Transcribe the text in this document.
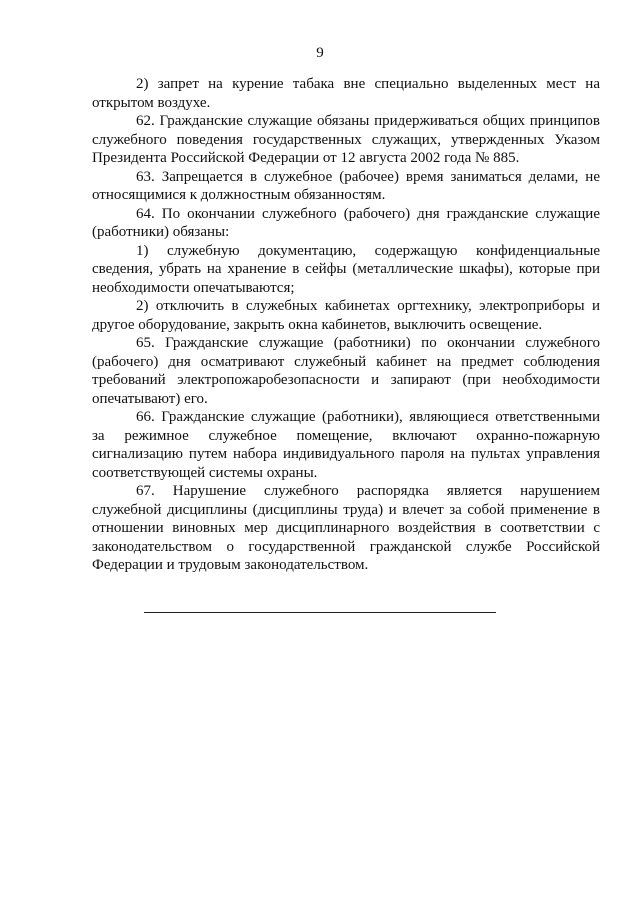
9

2) запрет на курение табака вне специально выделенных мест на открытом воздухе.

62. Гражданские служащие обязаны придерживаться общих принципов служебного поведения государственных служащих, утвержденных Указом Президента Российской Федерации от 12 августа 2002 года № 885.

63. Запрещается в служебное (рабочее) время заниматься делами, не относящимися к должностным обязанностям.

64. По окончании служебного (рабочего) дня гражданские служащие (работники) обязаны:

1) служебную документацию, содержащую конфиденциальные сведения, убрать на хранение в сейфы (металлические шкафы), которые при необходимости опечатываются;

2) отключить в служебных кабинетах оргтехнику, электроприборы и другое оборудование, закрыть окна кабинетов, выключить освещение.

65. Гражданские служащие (работники) по окончании служебного (рабочего) дня осматривают служебный кабинет на предмет соблюдения требований электропожаробезопасности и запирают (при необходимости опечатывают) его.

66. Гражданские служащие (работники), являющиеся ответственными за режимное служебное помещение, включают охранно-пожарную сигнализацию путем набора индивидуального пароля на пультах управления соответствующей системы охраны.

67. Нарушение служебного распорядка является нарушением служебной дисциплины (дисциплины труда) и влечет за собой применение в отношении виновных мер дисциплинарного воздействия в соответствии с законодательством о государственной гражданской службе Российской Федерации и трудовым законодательством.
